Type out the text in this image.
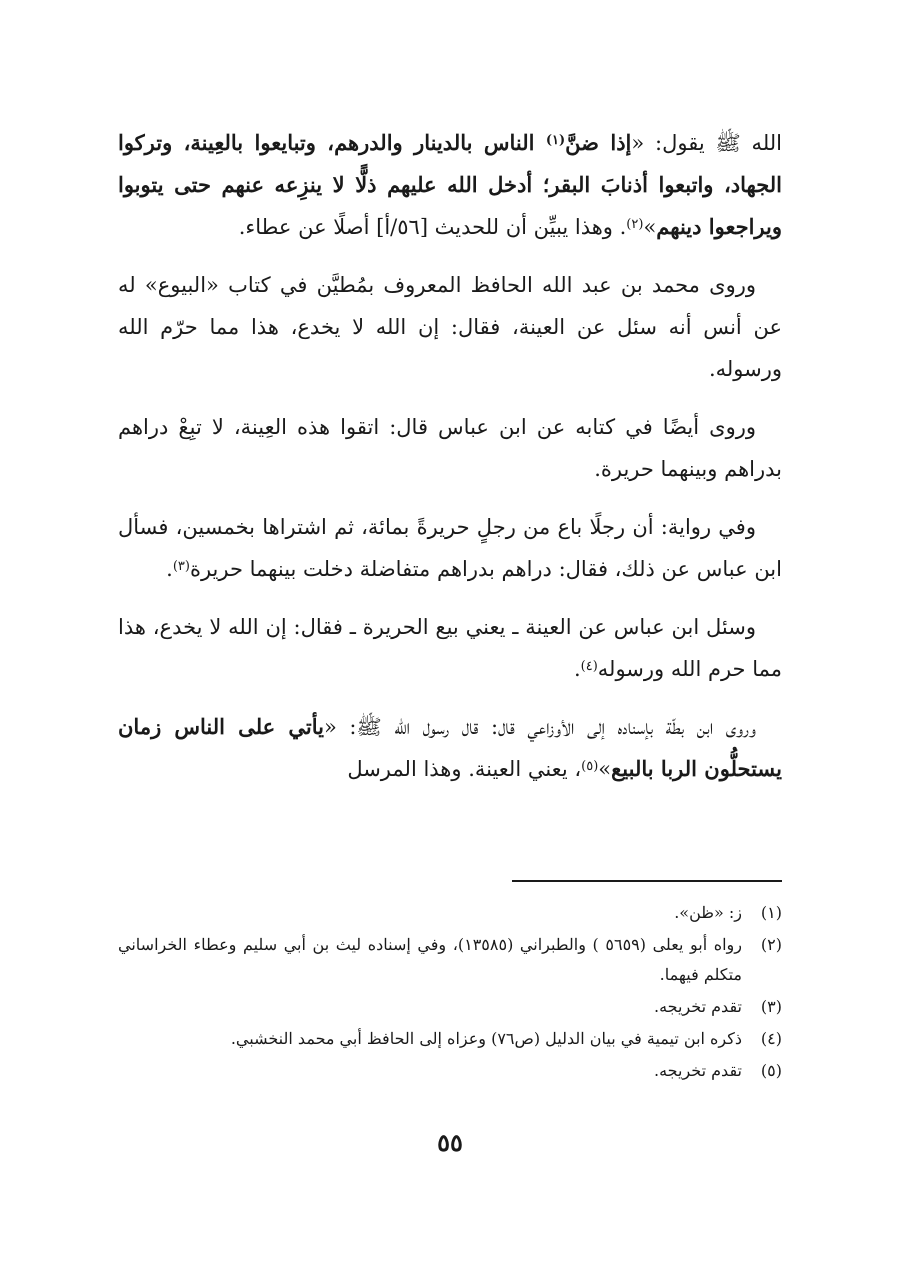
الله ﷺ يقول: «إذا ضنَّ$^{(١)}$ الناس بالدينار والدرهم، وتبايعوا بالعِينة، وتركوا الجهاد، واتبعوا أذنابَ البقر؛ أدخل الله عليهم ذلًّا لا ينزِعه عنهم حتى يتوبوا ويراجعوا دينهم»$^{(٢)}$. وهذا يبيِّن أن للحديث [٥٦/أ] أصلًا عن عطاء.

وروى محمد بن عبد الله الحافظ المعروف بمُطيَّن في كتاب «البيوع» له عن أنس أنه سئل عن العينة، فقال: إن الله لا يخدع، هذا مما حرّم الله ورسوله.

وروى أيضًا في كتابه عن ابن عباس قال: اتقوا هذه العِينة، لا تبِعْ دراهم بدراهم وبينهما حريرة.

وفي رواية: أن رجلًا باع من رجلٍ حريرةً بمائة، ثم اشتراها بخمسين، فسأل ابن عباس عن ذلك، فقال: دراهم بدراهم متفاضلة دخلت بينهما حريرة$^{(٣)}$.

وسئل ابن عباس عن العينة ـ يعني بيع الحريرة ـ فقال: إن الله لا يخدع، هذا مما حرم الله ورسوله$^{(٤)}$.

وروى ابن بطّة بإسناده إلى الأوزاعي قال: قال رسول الله ﷺ: «يأتي على الناس زمان يستحلُّون الربا بالبيع»$^{(٥)}$، يعني العينة. وهذا المرسل

(١)
ز: «ظن».

(٢)
رواه أبو يعلى (٥٦٥٩ ) والطبراني (١٣٥٨٥)، وفي إسناده ليث بن أبي سليم وعطاء الخراساني متكلم فيهما.

(٣)
تقدم تخريجه.

(٤)
ذكره ابن تيمية في بيان الدليل (ص٧٦) وعزاه إلى الحافظ أبي محمد النخشبي.

(٥)
تقدم تخريجه.

٥٥
